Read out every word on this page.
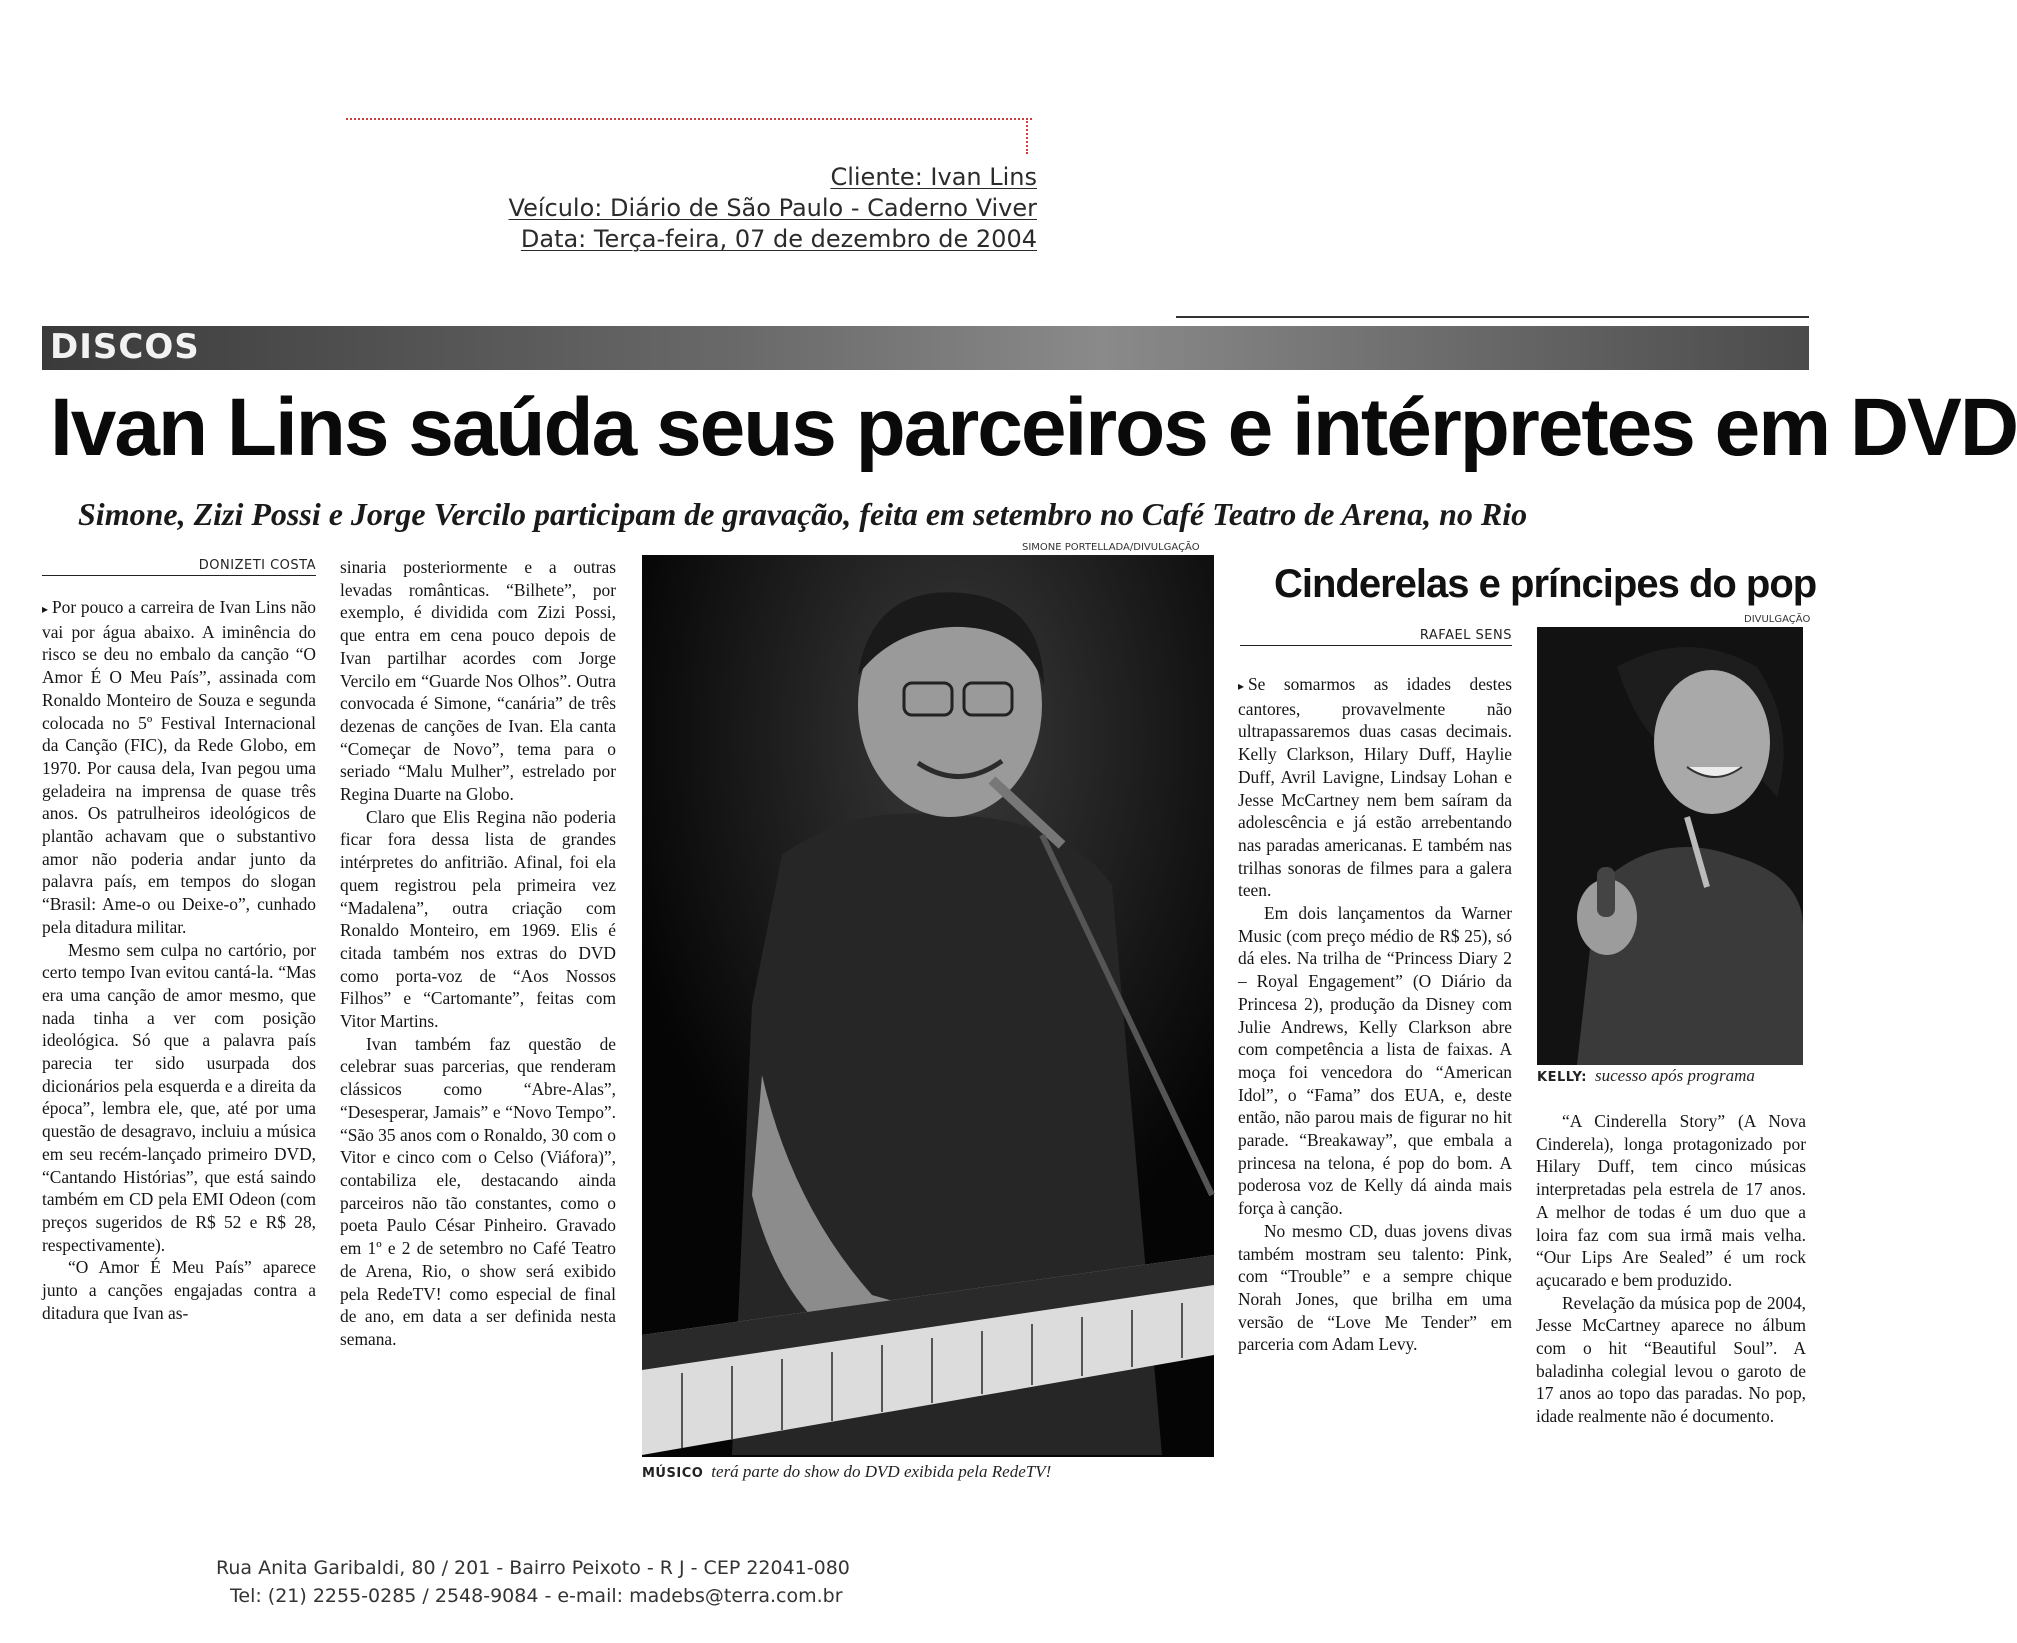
Cliente: Ivan Lins
Veículo: Diário de São Paulo - Caderno Viver
Data: Terça-feira, 07 de dezembro de 2004
DISCOS
Ivan Lins saúda seus parceiros e intérpretes em DVD
Simone, Zizi Possi e Jorge Vercilo participam de gravação, feita em setembro no Café Teatro de Arena, no Rio
DONIZETI COSTA

▸ Por pouco a carreira de Ivan Lins não vai por água abaixo. A iminência do risco se deu no embalo da canção “O Amor É O Meu País”, assinada com Ronaldo Monteiro de Souza e segunda colocada no 5º Festival Internacional da Canção (FIC), da Rede Globo, em 1970. Por causa dela, Ivan pegou uma geladeira na imprensa de quase três anos. Os patrulheiros ideológicos de plantão achavam que o substantivo amor não poderia andar junto da palavra país, em tempos do slogan “Brasil: Ame-o ou Deixe-o”, cunhado pela ditadura militar.

Mesmo sem culpa no cartório, por certo tempo Ivan evitou cantá-la. “Mas era uma canção de amor mesmo, que nada tinha a ver com posição ideológica. Só que a palavra país parecia ter sido usurpada dos dicionários pela esquerda e a direita da época”, lembra ele, que, até por uma questão de desagravo, incluiu a música em seu recém-lançado primeiro DVD, “Cantando Histórias”, que está saindo também em CD pela EMI Odeon (com preços sugeridos de R$ 52 e R$ 28, respectivamente).

“O Amor É Meu País” aparece junto a canções engajadas contra a ditadura que Ivan as-

sinaria posteriormente e a outras levadas românticas. “Bilhete”, por exemplo, é dividida com Zizi Possi, que entra em cena pouco depois de Ivan partilhar acordes com Jorge Vercilo em “Guarde Nos Olhos”. Outra convocada é Simone, “canária” de três dezenas de canções de Ivan. Ela canta “Começar de Novo”, tema para o seriado “Malu Mulher”, estrelado por Regina Duarte na Globo.

Claro que Elis Regina não poderia ficar fora dessa lista de grandes intérpretes do anfitrião. Afinal, foi ela quem registrou pela primeira vez “Madalena”, outra criação com Ronaldo Monteiro, em 1969. Elis é citada também nos extras do DVD como porta-voz de “Aos Nossos Filhos” e “Cartomante”, feitas com Vitor Martins.

Ivan também faz questão de celebrar suas parcerias, que renderam clássicos como “Abre-Alas”, “Desesperar, Jamais” e “Novo Tempo”. “São 35 anos com o Ronaldo, 30 com o Vitor e cinco com o Celso (Viáfora)”, contabiliza ele, destacando ainda parceiros não tão constantes, como o poeta Paulo César Pinheiro. Gravado em 1º e 2 de setembro no Café Teatro de Arena, Rio, o show será exibido pela RedeTV! como especial de final de ano, em data a ser definida nesta semana.

SIMONE PORTELLADA/DIVULGAÇÃO
MÚSICO terá parte do show do DVD exibida pela RedeTV!
Cinderelas e príncipes do pop
DIVULGAÇÃO
RAFAEL SENS

▸ Se somarmos as idades destes cantores, provavelmente não ultrapassaremos duas casas decimais. Kelly Clarkson, Hilary Duff, Haylie Duff, Avril Lavigne, Lindsay Lohan e Jesse McCartney nem bem saíram da adolescência e já estão arrebentando nas paradas americanas. E também nas trilhas sonoras de filmes para a galera teen.

Em dois lançamentos da Warner Music (com preço médio de R$ 25), só dá eles. Na trilha de “Princess Diary 2 – Royal Engagement” (O Diário da Princesa 2), produção da Disney com Julie Andrews, Kelly Clarkson abre com competência a lista de faixas. A moça foi vencedora do “American Idol”, o “Fama” dos EUA, e, deste então, não parou mais de figurar no hit parade. “Breakaway”, que embala a princesa na telona, é pop do bom. A poderosa voz de Kelly dá ainda mais força à canção.

No mesmo CD, duas jovens divas também mostram seu talento: Pink, com “Trouble” e a sempre chique Norah Jones, que brilha em uma versão de “Love Me Tender” em parceria com Adam Levy.

KELLY: sucesso após programa

“A Cinderella Story” (A Nova Cinderela), longa protagonizado por Hilary Duff, tem cinco músicas interpretadas pela estrela de 17 anos. A melhor de todas é um duo que a loira faz com sua irmã mais velha. “Our Lips Are Sealed” é um rock açucarado e bem produzido.

Revelação da música pop de 2004, Jesse McCartney aparece no álbum com o hit “Beautiful Soul”. A baladinha colegial levou o garoto de 17 anos ao topo das paradas. No pop, idade realmente não é documento.

Rua Anita Garibaldi, 80 / 201 - Bairro Peixoto - R J - CEP 22041-080
Tel: (21) 2255-0285 / 2548-9084 - e-mail: madebs@terra.com.br
